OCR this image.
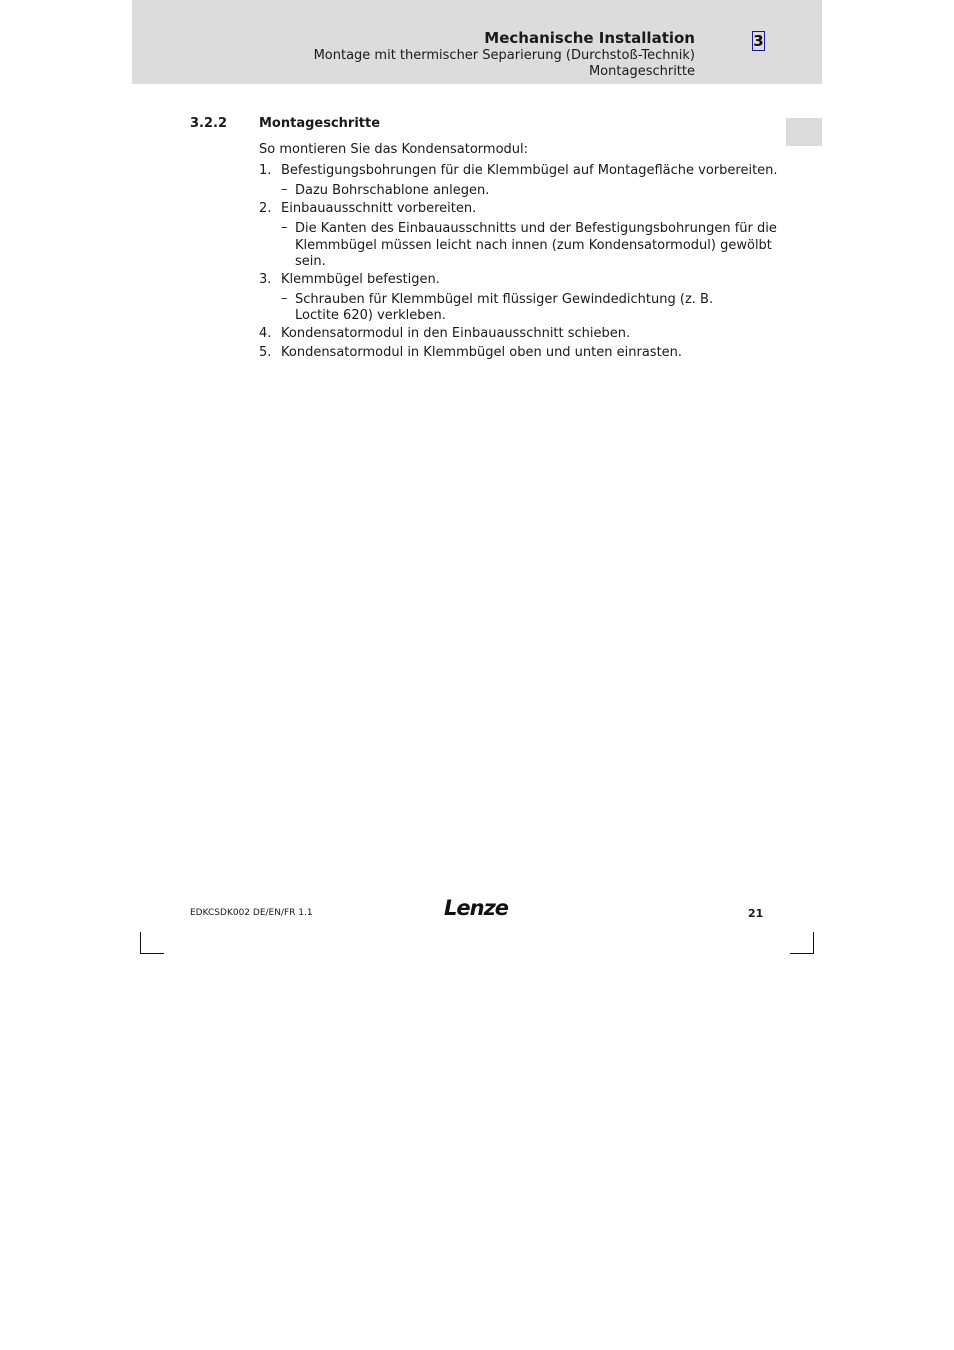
Mechanische Installation
Montage mit thermischer Separierung (Durchstoß-Technik)
Montageschritte
3
3.2.2 Montageschritte
So montieren Sie das Kondensatormodul:
1. Befestigungsbohrungen für die Klemmbügel auf Montagefläche vorbereiten.
– Dazu Bohrschablone anlegen.
2. Einbauausschnitt vorbereiten.
– Die Kanten des Einbauausschnitts und der Befestigungsbohrungen für die
Klemmbügel müssen leicht nach innen (zum Kondensatormodul) gewölbt
sein.
3. Klemmbügel befestigen.
– Schrauben für Klemmbügel mit flüssiger Gewindedichtung (z. B.
Loctite 620) verkleben.
4. Kondensatormodul in den Einbauausschnitt schieben.
5. Kondensatormodul in Klemmbügel oben und unten einrasten.
EDKCSDK002 DE/EN/FR 1.1	Lenze	21
